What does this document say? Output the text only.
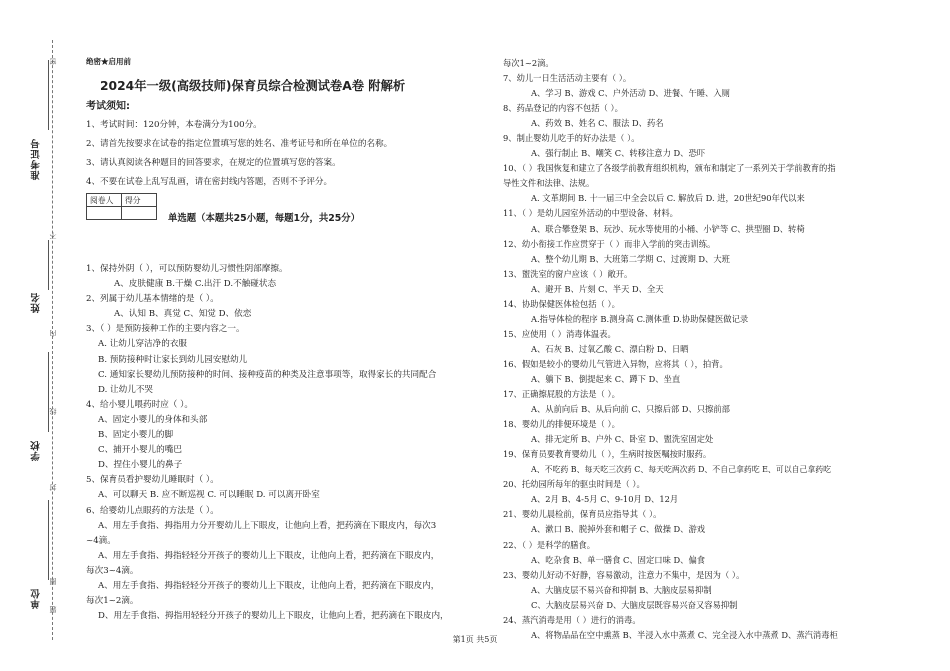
密
不
内
线
封
圈
题
准考证号
姓名
学校
单位
绝密★启用前
2024年一级(高级技师)保育员综合检测试卷A卷 附解析
考试须知:
1、考试时间：120分钟，本卷满分为100分。
2、请首先按要求在试卷的指定位置填写您的姓名、准考证号和所在单位的名称。
3、请认真阅读各种题目的回答要求，在规定的位置填写您的答案。
4、不要在试卷上乱写乱画，请在密封线内答题，否则不予评分。
阅卷人	得分

单选题（本题共25小题，每题1分，共25分）
1、保持外阴（ ），可以预防婴幼儿习惯性阴部摩擦。
A、皮肤健康 B.干燥 C.出汗 D.不触碰状态
2、列属于幼儿基本情绪的是（ ）。
A、认知 B、真觉 C、知觉 D、依恋
3、（ ）是预防接种工作的主要内容之一。
A. 让幼儿穿洁净的衣服
B. 预防接种时让家长到幼儿园安慰幼儿
C. 通知家长婴幼儿预防接种的时间、接种疫苗的种类及注意事项等，取得家长的共同配合
D. 让幼儿不哭
4、给小婴儿喂药时应（ ）。
A、固定小婴儿的身体和头部
B、固定小婴儿的脚
C、捕开小婴儿的嘴巴
D、捏住小婴儿的鼻子
5、保育员看护婴幼儿睡眠时（ ）。
A、可以聊天 B. 应不断巡视 C. 可以睡眠 D. 可以离开卧室
6、给婴幼儿点眼药的方法是（ ）。
A、用左手食指、拇指用力分开婴幼儿上下眼皮，让他向上看，把药滴在下眼皮内，每次3
~4滴。
A、用左手食指、拇指轻轻分开孩子的婴幼儿上下眼皮，让他向上看，把药滴在下眼皮内，
每次3~4滴。
A、用左手食指、拇指轻轻分开孩子的婴幼儿上下眼皮，让他向上看，把药滴在下眼皮内，
每次1~2滴。
D、用左手食指、拇指用轻轻分开孩子的婴幼儿上下眼皮，让他向上看，把药滴在下眼皮内，
每次1~2滴。
7、幼儿一日生活活动主要有（ ）。
A、学习 B、游戏 C、户外活动 D、进餐、午睡、入厕
8、药品登记的内容不包括（ ）。
A、药效 B、姓名 C、服法 D、药名
9、制止婴幼儿吃手的好办法是（ ）。
A、强行制止 B、嘲笑 C、转移注意力 D、恐吓
10、（ ）我国恢复和建立了各级学前教育组织机构，颁布和制定了一系列关于学前教育的指
导性文件和法律、法规。
A. 文革期间 B. 十一届三中全会以后 C. 解放后 D. 进，20世纪90年代以来
11、（ ）是幼儿园室外活动的中型设备、材料。
A、联合攀登架 B、玩沙、玩水等使用的小桶、小铲等 C、拱型圈 D、转椅
12、幼小衔接工作应贯穿于（ ）而非入学前的突击训练。
A、整个幼儿期 B、大班第二学期 C、过渡期 D、大班
13、盥洗室的窗户应该（ ）敞开。
A、避开 B、片刻 C、半天 D、全天
14、协助保健医体检包括（ ）。
A.指导体检的程序 B.测身高 C.测体重 D.协助保健医做记录
15、应使用（ ）消毒体温表。
A、石灰 B、过氧乙酸 C、漂白粉 D、日晒
16、假如是较小的婴幼儿气管进入异物，应将其（ ），拍背。
A、躺下 B、倒提起来 C、蹲下 D、坐直
17、正确擦屁股的方法是（ ）。
A、从前向后 B、从后向前 C、只擦后部 D、只擦前部
18、婴幼儿的排便环境是（ ）。
A、排无定所 B、户外 C、卧室 D、盥洗室固定处
19、保育员要教育婴幼儿（ ），生病时按医嘱按时服药。
A、不吃药 B、每天吃三次药 C、每天吃两次药 D、不自己拿药吃 E、可以自己拿药吃
20、托幼园所每年的驱虫时间是（ ）。
A、2月 B、4-5月 C、9-10月 D、12月
21、婴幼儿晨检前，保育员应指导其（ ）。
A、漱口 B、脱掉外套和帽子 C、做操 D、游戏
22、（ ）是科学的膳食。
A、吃杂食 B、单一膳食 C、固定口味 D、偏食
23、婴幼儿好动不好静，容易激动，注意力不集中，是因为（ ）。
A、大脑皮层不易兴奋和抑制 B、大脑皮层易抑制
C、大脑皮层易兴奋 D、大脑皮层既容易兴奋又容易抑制
24、蒸汽消毒是用（ ）进行的消毒。
A、将物品品在空中熏蒸 B、半浸入水中蒸煮 C、完全浸入水中蒸煮 D、蒸汽消毒柜
第1页 共5页
